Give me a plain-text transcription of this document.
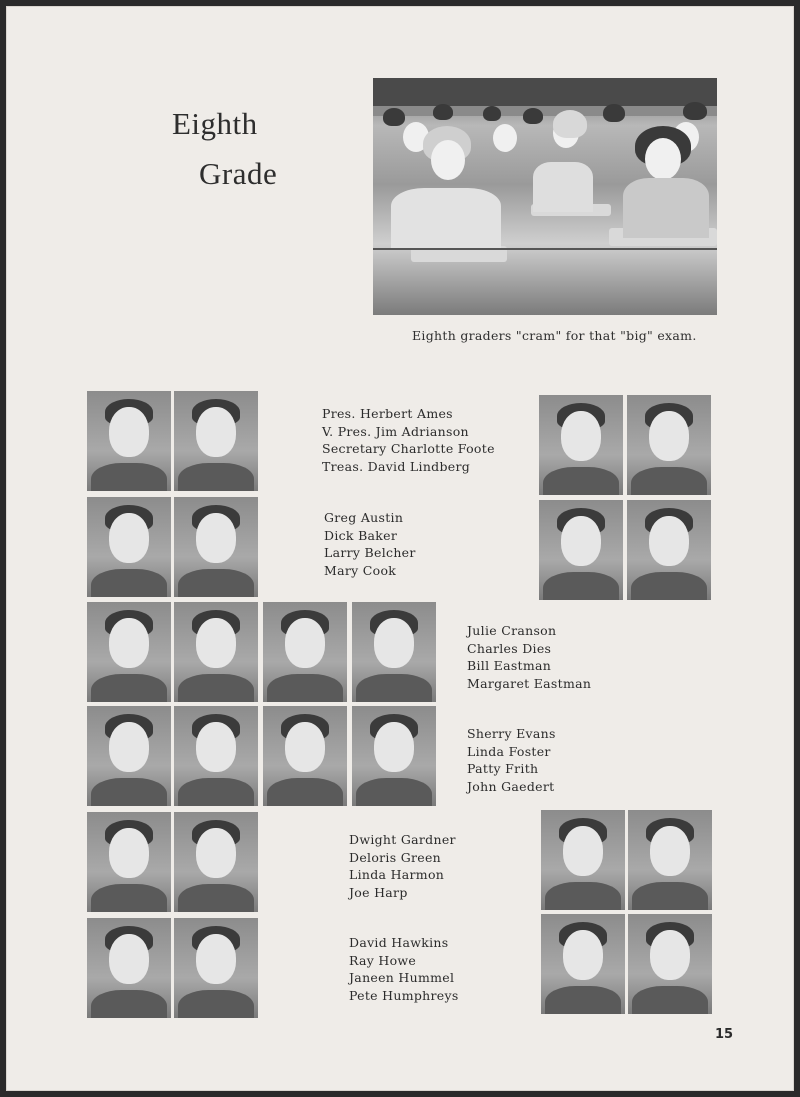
Eighth
Grade
Eighth graders "cram" for that "big" exam.
Pres. Herbert Ames
V. Pres. Jim Adrianson
Secretary Charlotte Foote
Treas. David Lindberg
Greg Austin
Dick Baker
Larry Belcher
Mary Cook
Julie Cranson
Charles Dies
Bill Eastman
Margaret Eastman
Sherry Evans
Linda Foster
Patty Frith
John Gaedert
Dwight Gardner
Deloris Green
Linda Harmon
Joe Harp
David Hawkins
Ray Howe
Janeen Hummel
Pete Humphreys
15
